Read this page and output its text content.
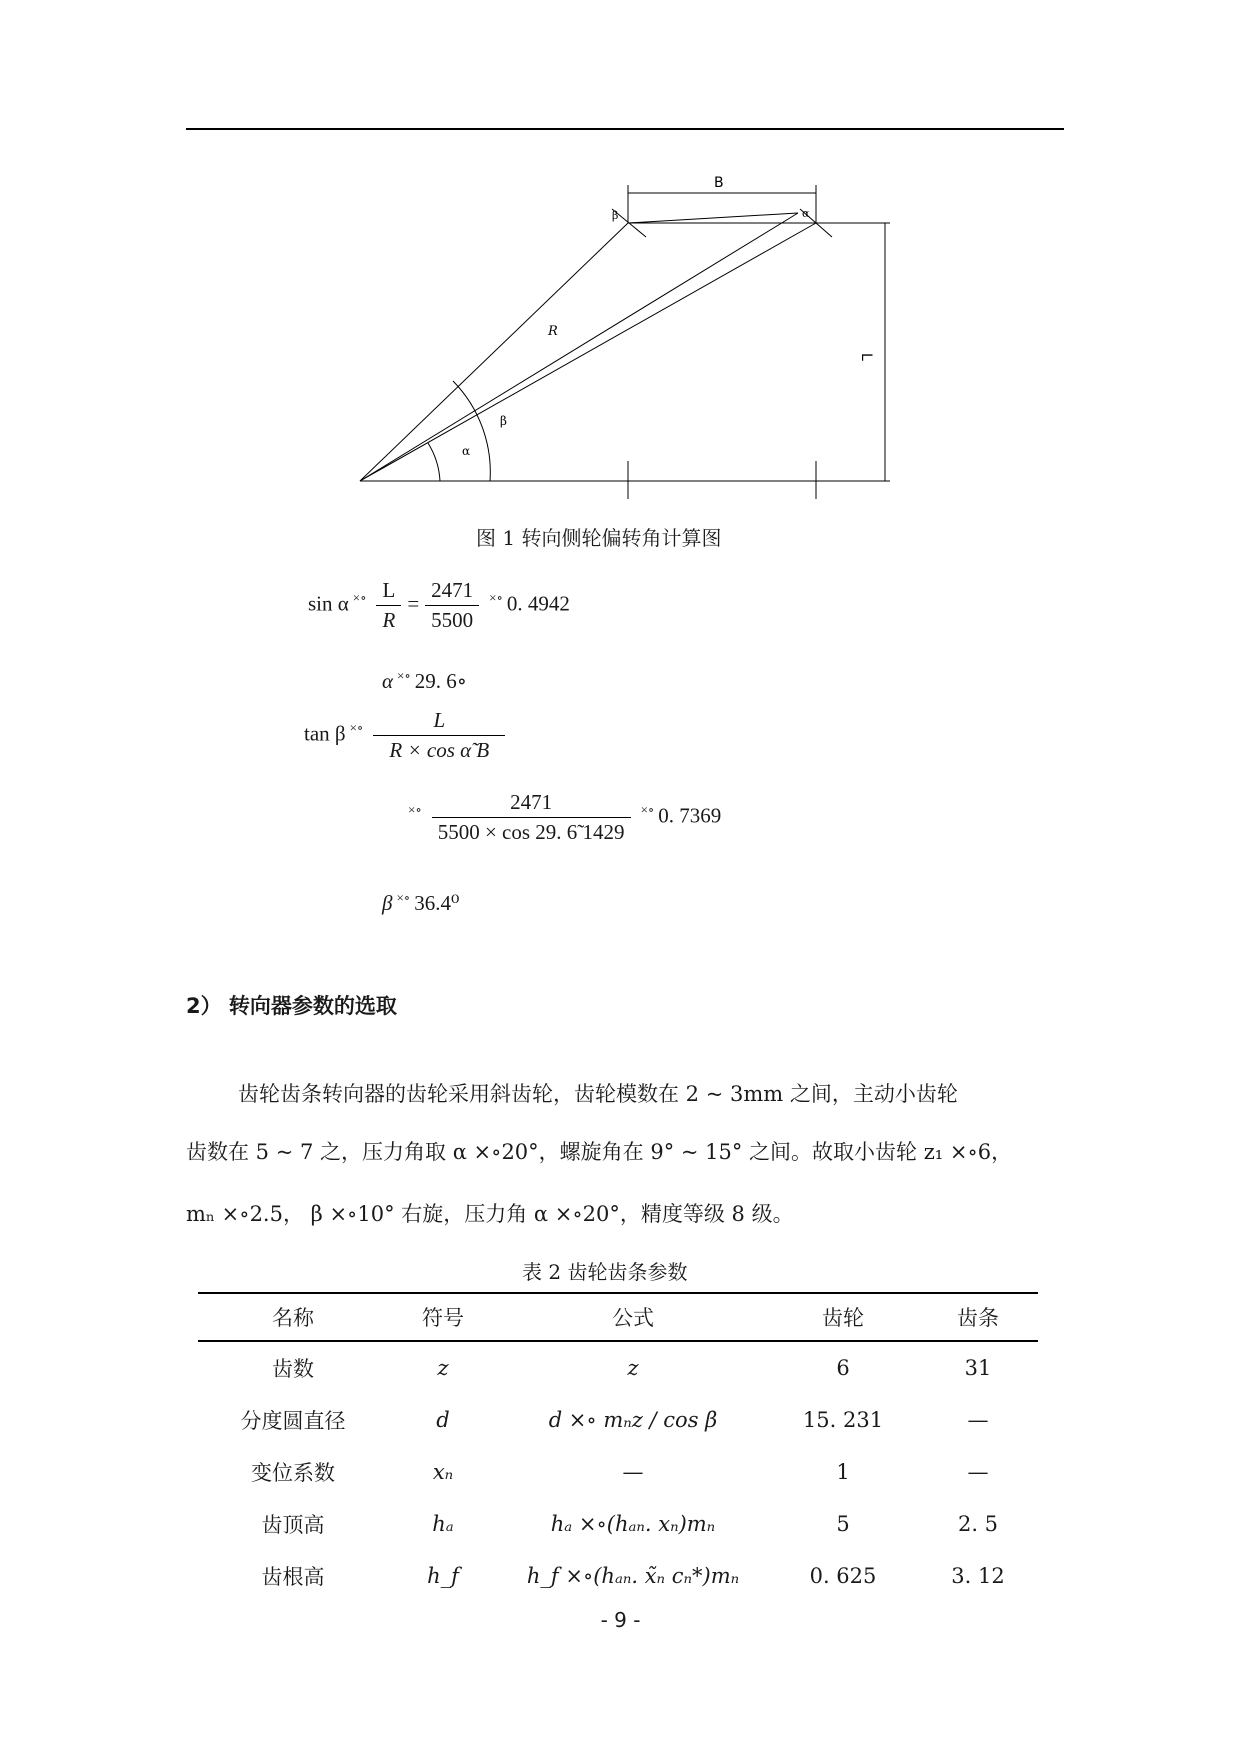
B
L
R
β
α
β	α
图 1 转向侧轮偏转角计算图
sin α $^{\times\circ} \frac{L}{R} = \frac{2471}{5500} ^{\times\circ}$ 0. 4942
α ×∘ 29. 6∘
tan β $^{\times\circ} \frac{L}{\text{R × cos α̃ B}}$
$^{\times\circ} \frac{2471}{5500 \times \cos 29. 6̃ 1429} ^{\times\circ}$ 0. 7369
β ×∘ 36.4⁰
2） 转向器参数的选取
齿轮齿条转向器的齿轮采用斜齿轮，齿轮模数在 2 ~ 3mm 之间，主动小齿轮
齿数在 5 ~ 7 之，压力角取 α ×∘20°，螺旋角在 9° ~ 15° 之间。故取小齿轮 z₁ ×∘6，
mₙ ×∘2.5， β ×∘10° 右旋，压力角 α ×∘20°，精度等级 8 级。
表 2 齿轮齿条参数
名称	符号	公式	齿轮	齿条
齿数	z	z	6	31
分度圆直径	d	d ×∘ mₙz / cos β	15. 231	—
变位系数	xₙ	—	1	—
齿顶高	hₐ	hₐ ×∘(hₐₙ. xₙ)mₙ	5	2. 5
齿根高	h_f	h_f ×∘(hₐₙ. x̃ₙ cₙ*)mₙ	0. 625	3. 12
- 9 -
